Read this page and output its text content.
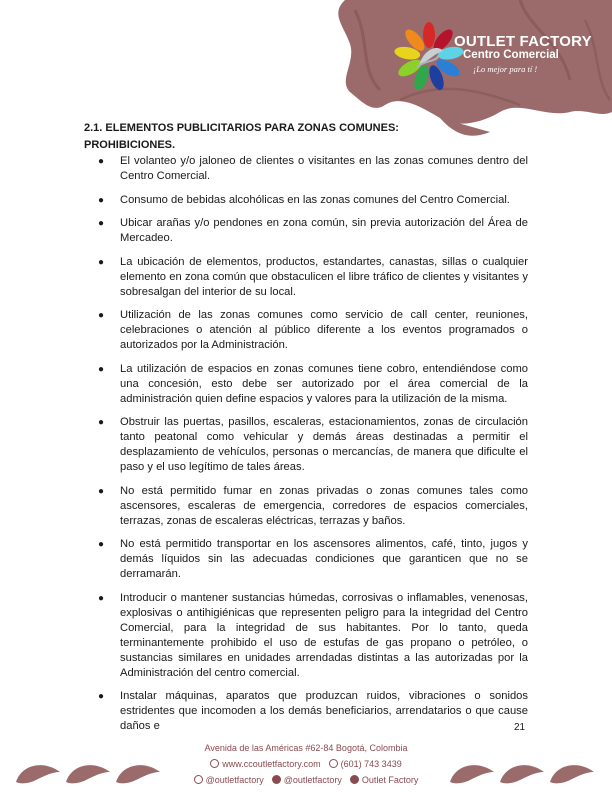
OUTLET FACTORY
Centro Comercial
¡Lo mejor para tí !
2.1. ELEMENTOS PUBLICITARIOS PARA ZONAS COMUNES:
PROHIBICIONES.
● El volanteo y/o jaloneo de clientes o visitantes en las zonas comunes dentro del Centro Comercial.
● Consumo de bebidas alcohólicas en las zonas comunes del Centro Comercial.
● Ubicar arañas y/o pendones en zona común, sin previa autorización del Área de Mercadeo.
● La ubicación de elementos, productos, estandartes, canastas, sillas o cualquier elemento en zona común que obstaculicen el libre tráfico de clientes y visitantes y sobresalgan del interior de su local.
● Utilización de las zonas comunes como servicio de call center, reuniones, celebraciones o atención al público diferente a los eventos programados o autorizados por la Administración.
● La utilización de espacios en zonas comunes tiene cobro, entendiéndose como una concesión, esto debe ser autorizado por el área comercial de la administración quien define espacios y valores para la utilización de la misma.
● Obstruir las puertas, pasillos, escaleras, estacionamientos, zonas de circulación tanto peatonal como vehicular y demás áreas destinadas a permitir el desplazamiento de vehículos, personas o mercancías, de manera que dificulte el paso y el uso legítimo de tales áreas.
● No está permitido fumar en zonas privadas o zonas comunes tales como ascensores, escaleras de emergencia, corredores de espacios comerciales, terrazas, zonas de escaleras eléctricas, terrazas y baños.
● No está permitido transportar en los ascensores alimentos, café, tinto, jugos y demás líquidos sin las adecuadas condiciones que garanticen que no se derramarán.
● Introducir o mantener sustancias húmedas, corrosivas o inflamables, venenosas, explosivas o antihigiénicas que representen peligro para la integridad del Centro Comercial, para la integridad de sus habitantes. Por lo tanto, queda terminantemente prohibido el uso de estufas de gas propano o petróleo, o sustancias similares en unidades arrendadas distintas a las autorizadas por la Administración del centro comercial.
● Instalar máquinas, aparatos que produzcan ruidos, vibraciones o sonidos estridentes que incomoden a los demás beneficiarios, arrendatarios o que cause daños e	21
Avenida de las Américas #62-84 Bogotá, Colombia
www.ccoutletfactory.com	(601) 743 3439
@outletfactory	@outletfactory	Outlet Factory
